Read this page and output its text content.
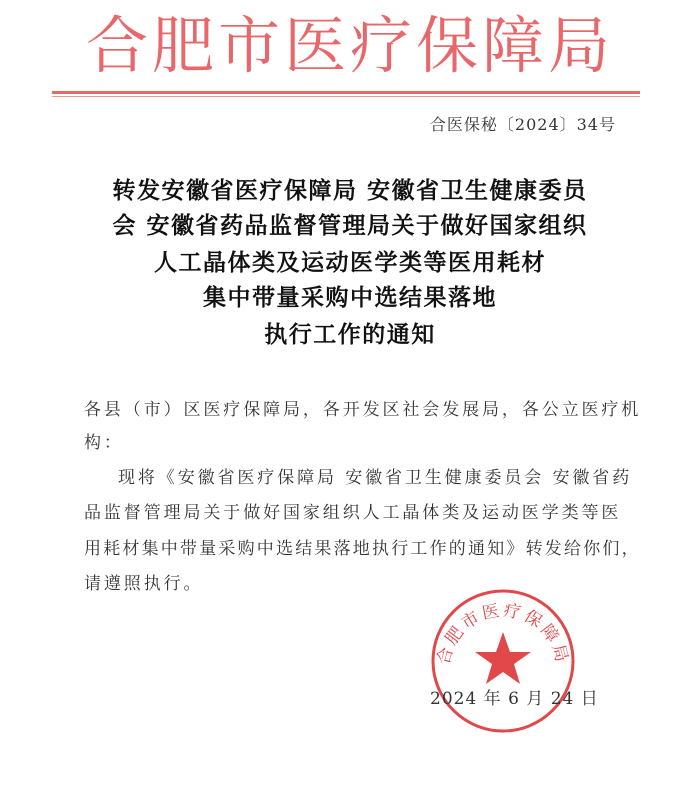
合肥市医疗保障局
合医保秘〔2024〕34号
转发安徽省医疗保障局 安徽省卫生健康委员
会 安徽省药品监督管理局关于做好国家组织
人工晶体类及运动医学类等医用耗材
集中带量采购中选结果落地
执行工作的通知
各县（市）区医疗保障局，各开发区社会发展局，各公立医疗机
构：
现将《安徽省医疗保障局 安徽省卫生健康委员会 安徽省药
品监督管理局关于做好国家组织人工晶体类及运动医学类等医
用耗材集中带量采购中选结果落地执行工作的通知》转发给你们，
请遵照执行。
合肥市医疗保障局
2024 年 6 月 24 日
